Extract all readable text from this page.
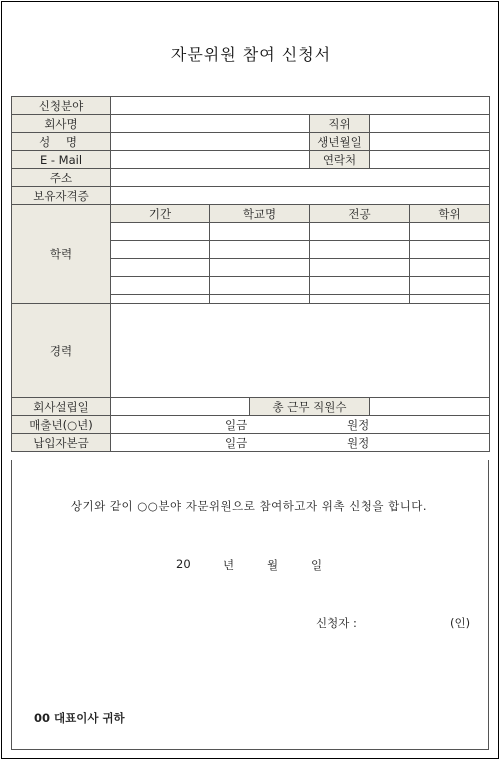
자문위원 참여 신청서
신청분야						
회사명				직위		
성 명				생년월일		
E - Mail				연락처		
주소						
보유자격증						
학력	기간	학교명		전공		학위

경력						
회사설립일			총 근무 직원수			
매출년(○년)	일금 원정					

납입자본금	일금 원정					
상기와 같이 ○○분야 자문위원으로 참여하고자 위촉 신청을 합니다.
20	년	월	일
신청자 :	(인)
00 대표이사 귀하
